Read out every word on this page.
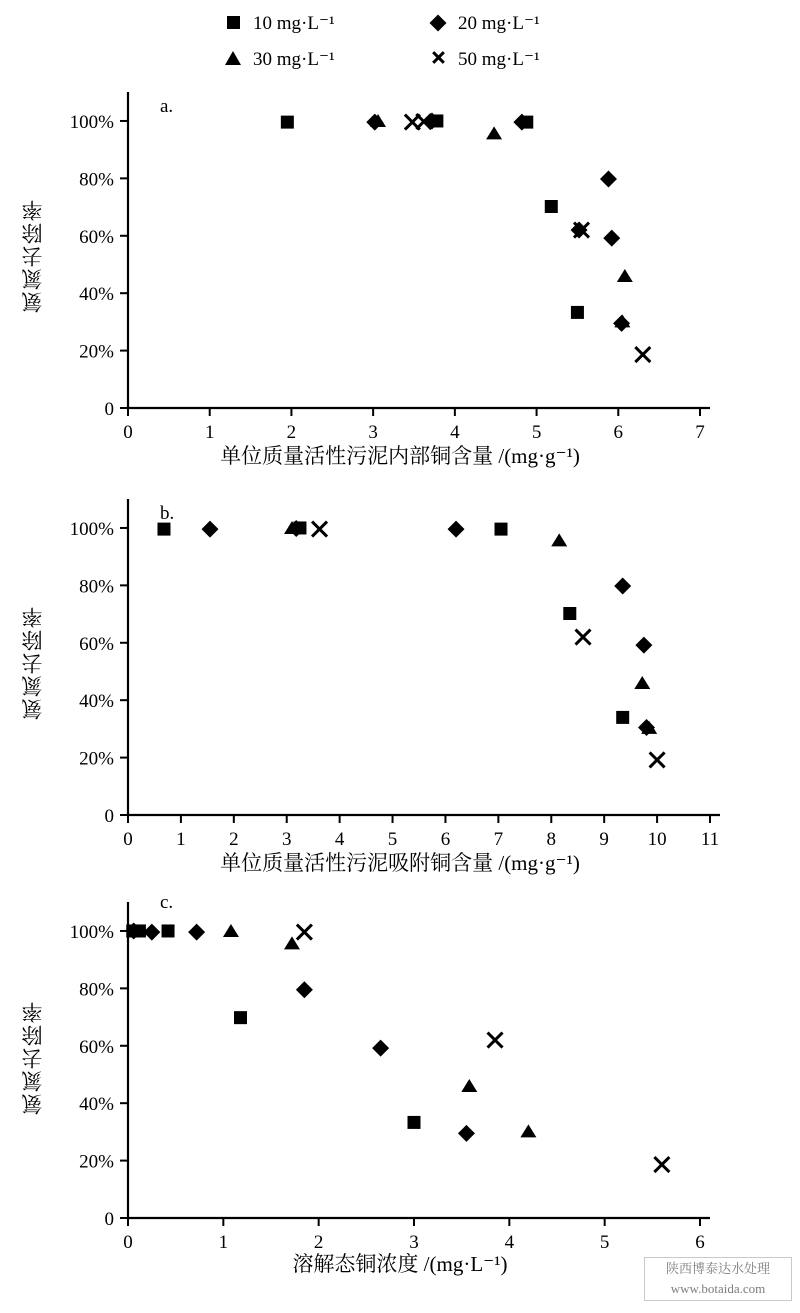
10 mg·L⁻¹	20 mg·L⁻¹
30 mg·L⁻¹	50 mg·L⁻¹
氨氮去除率
0	1	2	3	4	5	6	7
0
20%
40%
60%
80%
100%
a.
单位质量活性污泥内部铜含量 /(mg·g⁻¹)
氨氮去除率
0 1 2 3 4 5 6 7 8 9 10 11
0
20%
40%
60%
80%
100%
b.
单位质量活性污泥吸附铜含量 /(mg·g⁻¹)
氨氮去除率
0	1	2	3	4	5	6
0
20%
40%
60%
80%
100%
c.
溶解态铜浓度 /(mg·L⁻¹)	陕西博泰达水处理
www.botaida.com
